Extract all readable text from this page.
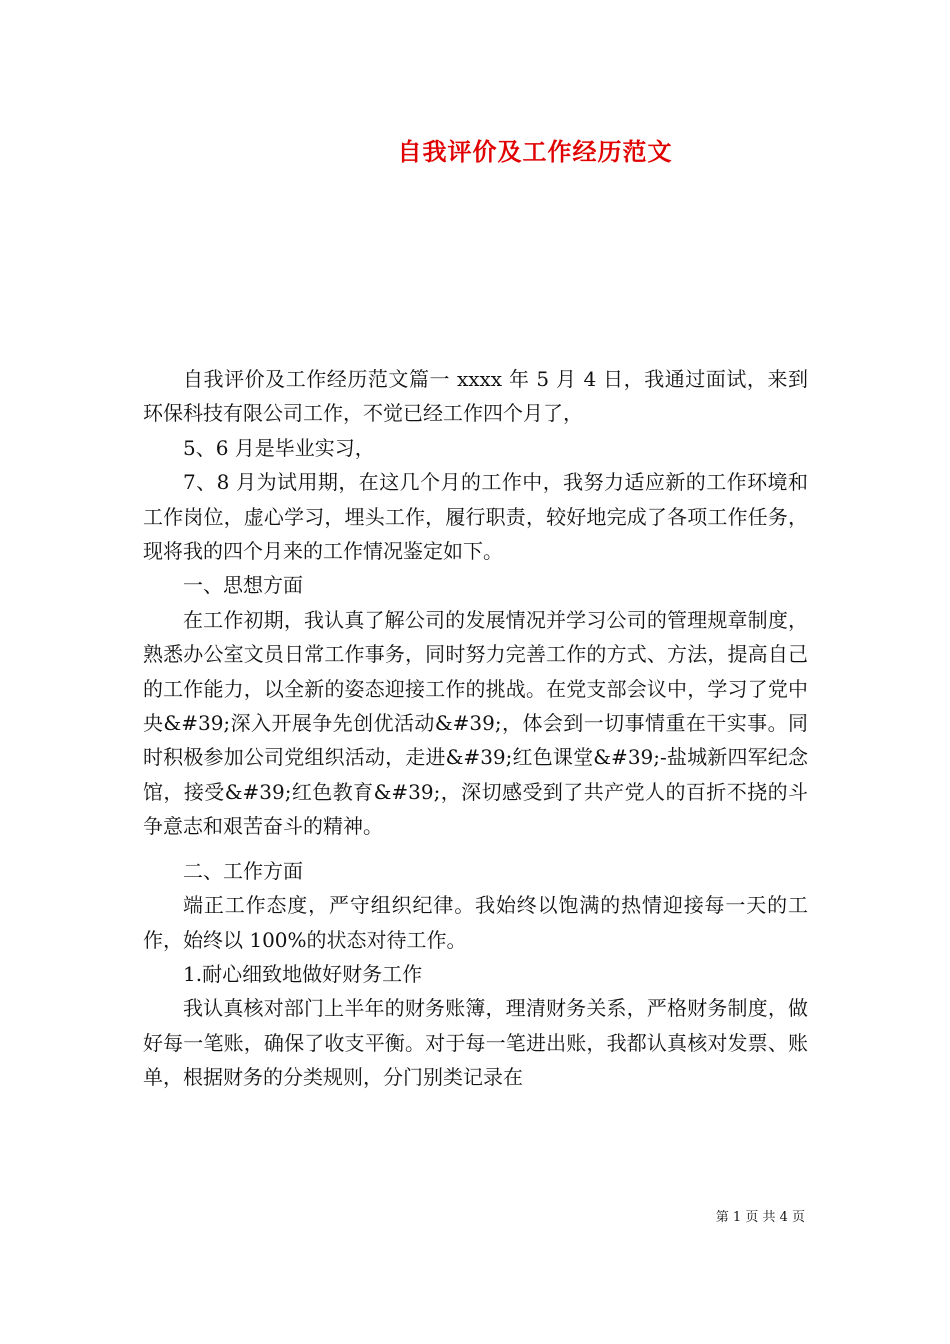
自我评价及工作经历范文

自我评价及工作经历范文篇一 xxxx 年 5 月 4 日，我通过面试，来到环保科技有限公司工作，不觉已经工作四个月了，

5、6 月是毕业实习，

7、8 月为试用期，在这几个月的工作中，我努力适应新的工作环境和工作岗位，虚心学习，埋头工作，履行职责，较好地完成了各项工作任务，现将我的四个月来的工作情况鉴定如下。

一、思想方面

在工作初期，我认真了解公司的发展情况并学习公司的管理规章制度，熟悉办公室文员日常工作事务，同时努力完善工作的方式、方法，提高自己的工作能力，以全新的姿态迎接工作的挑战。在党支部会议中，学习了党中央&#39;深入开展争先创优活动&#39;，体会到一切事情重在干实事。同时积极参加公司党组织活动，走进&#39;红色课堂&#39;-盐城新四军纪念馆，接受&#39;红色教育&#39;，深切感受到了共产党人的百折不挠的斗争意志和艰苦奋斗的精神。

二、工作方面

端正工作态度，严守组织纪律。我始终以饱满的热情迎接每一天的工作，始终以 100%的状态对待工作。

1.耐心细致地做好财务工作

我认真核对部门上半年的财务账簿，理清财务关系，严格财务制度，做好每一笔账，确保了收支平衡。对于每一笔进出账，我都认真核对发票、账单，根据财务的分类规则，分门别类记录在

第 1 页 共 4 页
